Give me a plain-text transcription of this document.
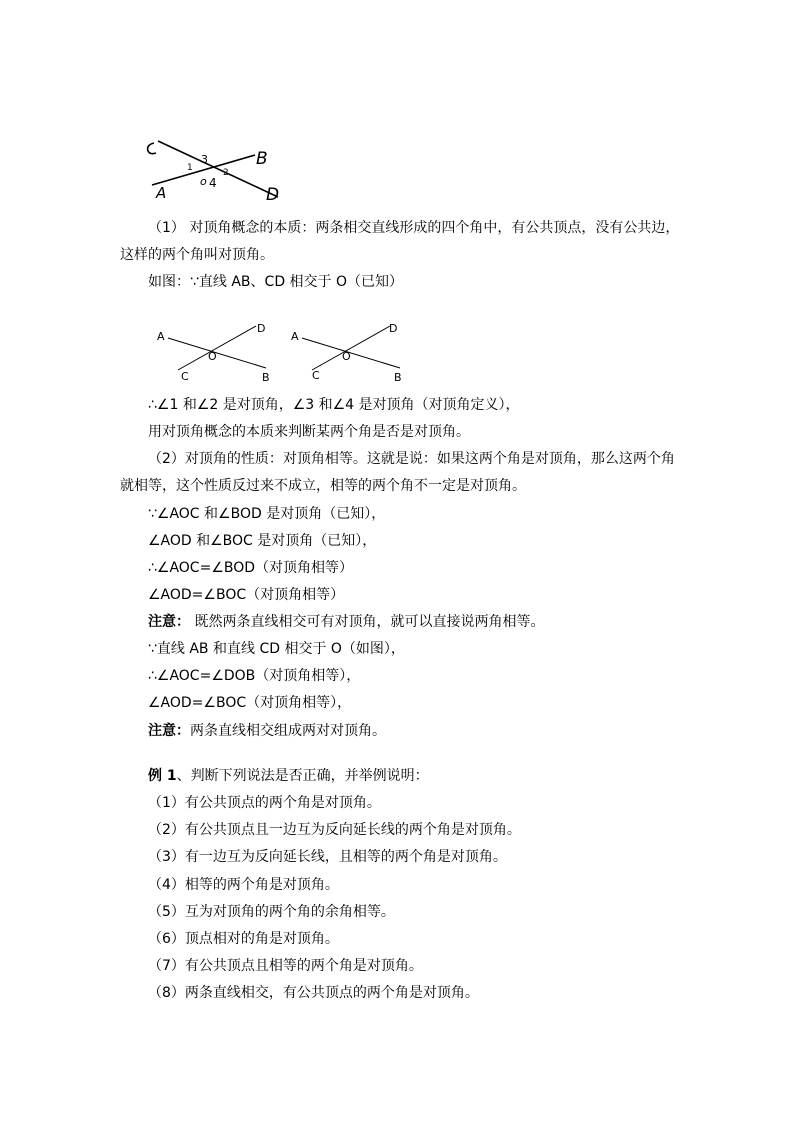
C
B
A	D
1	2
3
4
o
（1） 对顶角概念的本质：两条相交直线形成的四个角中，有公共顶点，没有公共边，
这样的两个角叫对顶角。
如图：∵直线 AB、CD 相交于 O（已知）
A
D
O
C	B
A
D
O
C	B
∴∠1 和∠2 是对顶角，∠3 和∠4 是对顶角（对顶角定义），
用对顶角概念的本质来判断某两个角是否是对顶角。
（2）对顶角的性质：对顶角相等。这就是说：如果这两个角是对顶角，那么这两个角
就相等，这个性质反过来不成立，相等的两个角不一定是对顶角。
∵∠AOC 和∠BOD 是对顶角（已知），
∠AOD 和∠BOC 是对顶角（已知），
∴∠AOC=∠BOD（对顶角相等）
∠AOD=∠BOC（对顶角相等）
注意： 既然两条直线相交可有对顶角，就可以直接说两角相等。
∵直线 AB 和直线 CD 相交于 O（如图），
∴∠AOC=∠DOB（对顶角相等），
∠AOD=∠BOC（对顶角相等），
注意：两条直线相交组成两对对顶角。
例 1、判断下列说法是否正确，并举例说明：
（1）有公共顶点的两个角是对顶角。
（2）有公共顶点且一边互为反向延长线的两个角是对顶角。
（3）有一边互为反向延长线，且相等的两个角是对顶角。
（4）相等的两个角是对顶角。
（5）互为对顶角的两个角的余角相等。
（6）顶点相对的角是对顶角。
（7）有公共顶点且相等的两个角是对顶角。
（8）两条直线相交，有公共顶点的两个角是对顶角。
